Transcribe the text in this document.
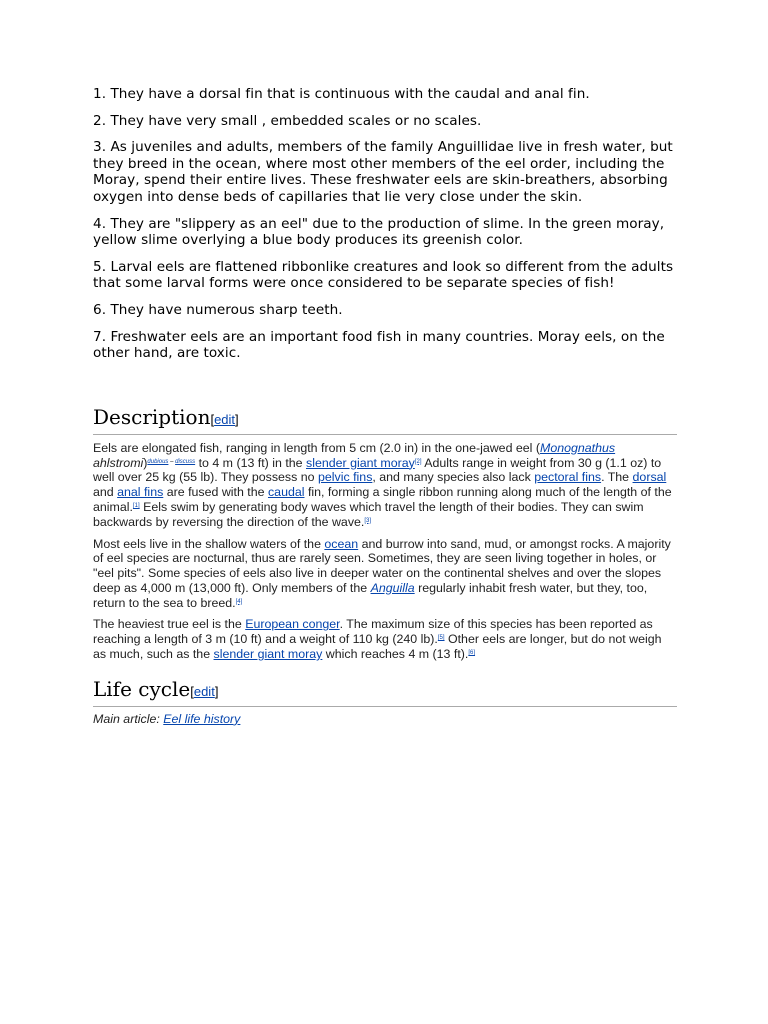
1. They have a dorsal fin that is continuous with the caudal and anal fin.

2. They have very small , embedded scales or no scales.

3. As juveniles and adults, members of the family Anguillidae live in fresh water, but they breed in the ocean, where most other members of the eel order, including the Moray, spend their entire lives. These freshwater eels are skin-breathers, absorbing oxygen into dense beds of capillaries that lie very close under the skin.

4. They are "slippery as an eel" due to the production of slime. In the green moray, yellow slime overlying a blue body produces its greenish color.

5. Larval eels are flattened ribbonlike creatures and look so different from the adults that some larval forms were once considered to be separate species of fish!

6. They have numerous sharp teeth.

7. Freshwater eels are an important food fish in many countries. Moray eels, on the other hand, are toxic.

Description[edit]

Eels are elongated fish, ranging in length from 5 cm (2.0 in) in the one-jawed eel (Monognathus ahlstromi)$^{dubious - discuss}$ to 4 m (13 ft) in the slender giant moray[2] Adults range in weight from 30 g (1.1 oz) to well over 25 kg (55 lb). They possess no pelvic fins, and many species also lack pectoral fins. The dorsal and anal fins are fused with the caudal fin, forming a single ribbon running along much of the length of the animal.[1] Eels swim by generating body waves which travel the length of their bodies. They can swim backwards by reversing the direction of the wave.[3]

Most eels live in the shallow waters of the ocean and burrow into sand, mud, or amongst rocks. A majority of eel species are nocturnal, thus are rarely seen. Sometimes, they are seen living together in holes, or "eel pits". Some species of eels also live in deeper water on the continental shelves and over the slopes deep as 4,000 m (13,000 ft). Only members of the Anguilla regularly inhabit fresh water, but they, too, return to the sea to breed.[4]

The heaviest true eel is the European conger. The maximum size of this species has been reported as reaching a length of 3 m (10 ft) and a weight of 110 kg (240 lb).[5] Other eels are longer, but do not weigh as much, such as the slender giant moray which reaches 4 m (13 ft).[6]

Life cycle[edit]

Main article: Eel life history
